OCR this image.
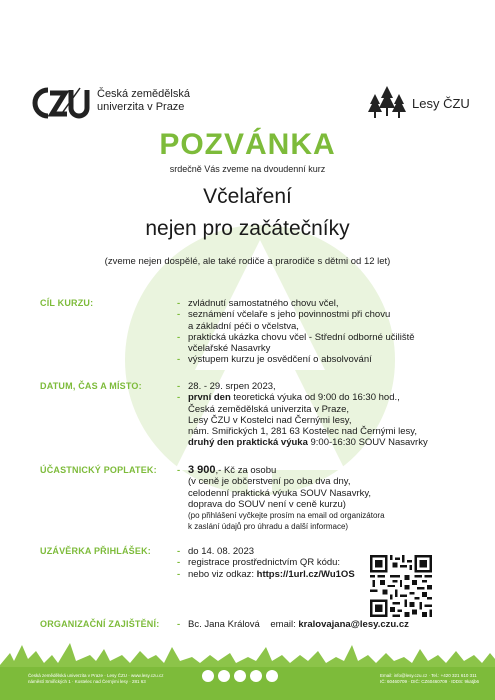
Česká zemědělská
univerzita v Praze	Lesy ČZU
POZVÁNKA
srdečně Vás zveme na dvoudenní kurz
Včelaření
nejen pro začátečníky
(zveme nejen dospělé, ale také rodiče a prarodiče s dětmi od 12 let)
CÍL KURZU:	- zvládnutí samostatného chovu včel,
- seznámení včelaře s jeho povinnostmi při chovu
a základní péči o včelstva,
- praktická ukázka chovu včel - Střední odborné učiliště
včelařské Nasavrky
- výstupem kurzu je osvědčení o absolvování
DATUM, ČAS A MÍSTO:	- 28. - 29. srpen 2023,
- první den teoretická výuka od 9:00 do 16:30 hod.,
Česká zemědělská univerzita v Praze,
Lesy ČZU v Kostelci nad Černými lesy,
nám. Smiřických 1, 281 63 Kostelec nad Černými lesy,
druhý den praktická výuka 9:00-16:30 SOUV Nasavrky
ÚČASTNICKÝ POPLATEK:	- 3 900,- Kč za osobu
(v ceně je občerstvení po oba dva dny,
celodenní praktická výuka SOUV Nasavrky,
doprava do SOUV není v ceně kurzu)
(po přihlášení vyčkejte prosím na email od organizátora
k zaslání údajů pro úhradu a další informace)
UZÁVĚRKA PŘIHLÁŠEK:	- do 14. 08. 2023
- registrace prostřednictvím QR kódu:
- nebo viz odkaz: https://1url.cz/Wu1OS
ORGANIZAČNÍ ZAJIŠTĚNÍ:	- Bc. Jana Králová email: kralovajana@lesy.czu.cz
Česká zemědělská univerzita v Praze · Lesy ČZU · www.lesy.czu.cz
náměstí Smiřických 1 · Kostelec nad Černými lesy · 281 63
Email: info@lesy.czu.cz · Tel.: +420 321 610 311
IČ: 60460709 · DIČ: CZ60460709 · IDDS: 9katjb6
